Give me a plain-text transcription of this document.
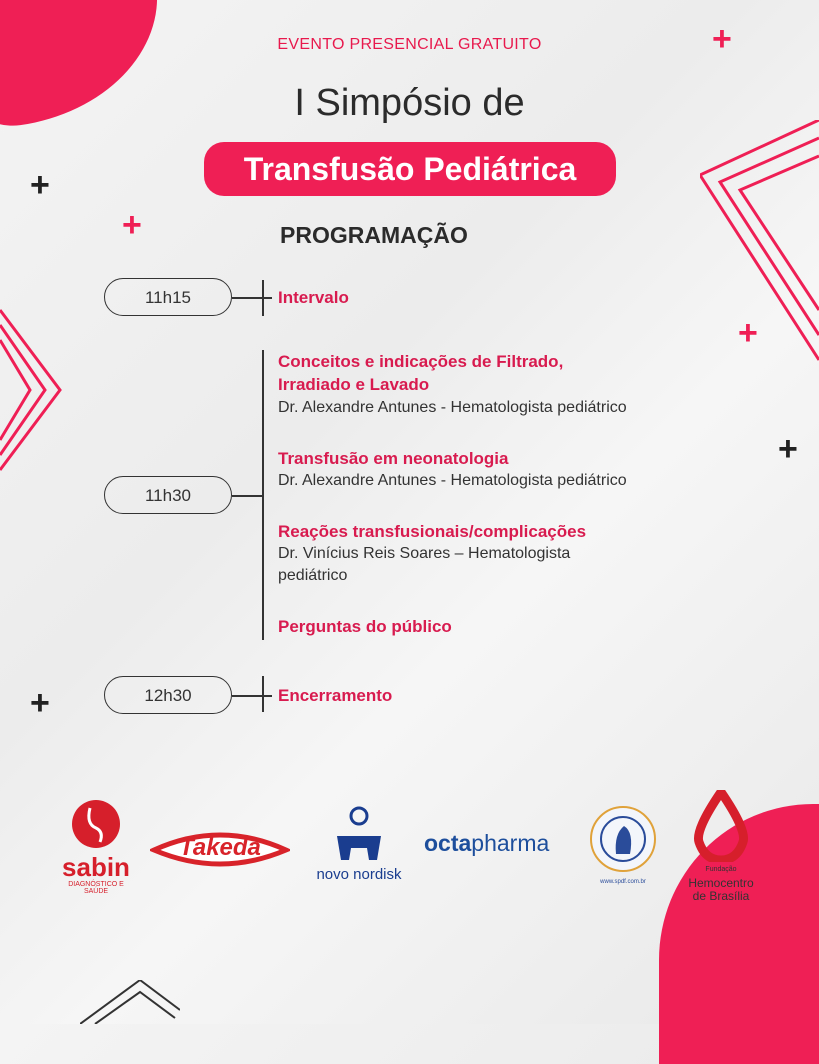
+
+
+
+
+
+
EVENTO PRESENCIAL GRATUITO
I Simpósio de
Transfusão Pediátrica
PROGRAMAÇÃO
11h15	Intervalo
11h30
Conceitos e indicações de Filtrado,
Irradiado e Lavado
Dr. Alexandre Antunes - Hematologista pediátrico
Transfusão em neonatologia
Dr. Alexandre Antunes - Hematologista pediátrico
Reações transfusionais/complicações
Dr. Vinícius Reis Soares – Hematologista
pediátrico
Perguntas do público
12h30	Encerramento
sabin
DIAGNÓSTICO E SAÚDE
Takeda
novo nordisk
octapharma
www.spdf.com.br
Fundação
Hemocentro
de Brasília
